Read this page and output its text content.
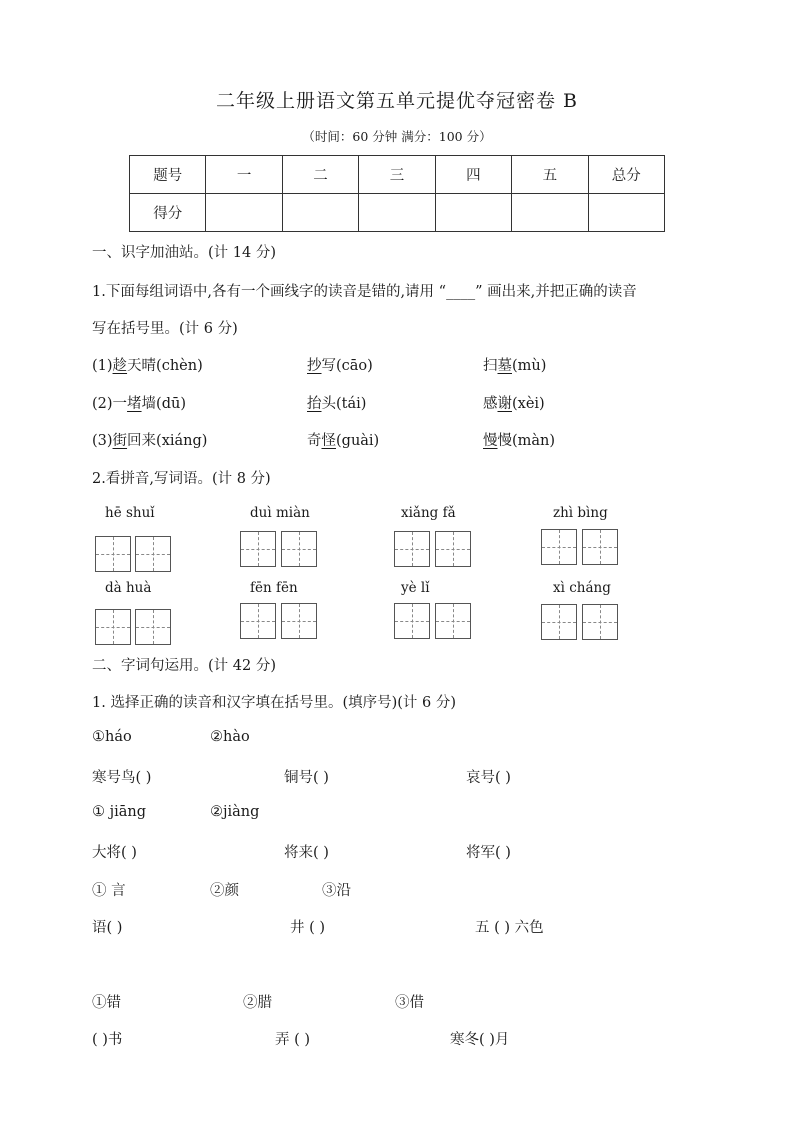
二年级上册语文第五单元提优夺冠密卷 B
（时间：60 分钟 满分：100 分）
题号	一	二	三	四	五	总分
得分						
一、识字加油站。(计 14 分)
1.下面每组词语中,各有一个画线字的读音是错的,请用 “____” 画出来,并把正确的读音
写在括号里。(计 6 分)
(1)趁天晴(chèn)	抄写(cāo)	扫墓(mù)
(2)一堵墙(dū)	抬头(tái)	感谢(xèi)
(3)街回来(xiáng)	奇怪(guài)	慢慢(màn)
2.看拼音,写词语。(计 8 分)
hē shuǐ	duì miàn	xiǎng fǎ	zhì bìng
dà huà	fēn fēn	yè lǐ	xì cháng
二、字词句运用。(计 42 分)
1. 选择正确的读音和汉字填在括号里。(填序号)(计 6 分)
①háo	②hào
寒号鸟( )	铜号( )	哀号( )
① jiāng	②jiàng
大将( )	将来( )	将军( )
① 言	②颜	③沿
语( )	井 ( )	五 ( ) 六色
①错	②腊	③借
( )书	弄 ( )	寒冬( )月
